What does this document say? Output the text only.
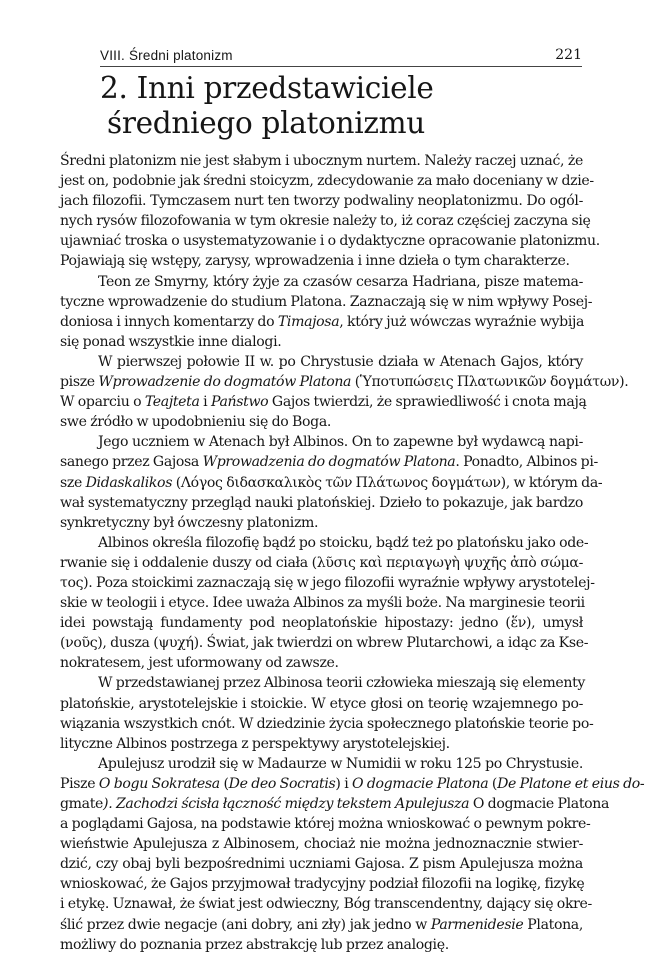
VIII. Średni platonizm	221
2. Inni przedstawiciele
średniego platonizmu
Średni platonizm nie jest słabym i ubocznym nurtem. Należy raczej uznać, że
jest on, podobnie jak średni stoicyzm, zdecydowanie za mało doceniany w dzie-
jach filozofii. Tymczasem nurt ten tworzy podwaliny neoplatonizmu. Do ogól-
nych rysów filozofowania w tym okresie należy to, iż coraz częściej zaczyna się
ujawniać troska o usystematyzowanie i o dydaktyczne opracowanie platonizmu.
Pojawiają się wstępy, zarysy, wprowadzenia i inne dzieła o tym charakterze.
Teon ze Smyrny, który żyje za czasów cesarza Hadriana, pisze matema-
tyczne wprowadzenie do studium Platona. Zaznaczają się w nim wpływy Posej-
doniosa i innych komentarzy do Timajosa, który już wówczas wyraźnie wybija
się ponad wszystkie inne dialogi.
W pierwszej połowie II w. po Chrystusie działa w Atenach Gajos, który
pisze Wprowadzenie do dogmatów Platona (Ὑποτυπώσεις Πλατωνικῶν δογμάτων).
W oparciu o Teajteta i Państwo Gajos twierdzi, że sprawiedliwość i cnota mają
swe źródło w upodobnieniu się do Boga.
Jego uczniem w Atenach był Albinos. On to zapewne był wydawcą napi-
sanego przez Gajosa Wprowadzenia do dogmatów Platona. Ponadto, Albinos pi-
sze Didaskalikos (Λόγος διδασκαλικὸς τῶν Πλάτωνος δογμάτων), w którym da-
wał systematyczny przegląd nauki platońskiej. Dzieło to pokazuje, jak bardzo
synkretyczny był ówczesny platonizm.
Albinos określa filozofię bądź po stoicku, bądź też po platońsku jako ode-
rwanie się i oddalenie duszy od ciała (λῦσις καὶ περιαγωγὴ ψυχῆς ἀπὸ σώμα-
τος). Poza stoickimi zaznaczają się w jego filozofii wyraźnie wpływy arystotelej-
skie w teologii i etyce. Idee uważa Albinos za myśli boże. Na marginesie teorii
idei powstają fundamenty pod neoplatońskie hipostazy: jedno (ἕν), umysł
(νοῦς), dusza (ψυχή). Świat, jak twierdzi on wbrew Plutarchowi, a idąc za Kse-
nokratesem, jest uformowany od zawsze.
W przedstawianej przez Albinosa teorii człowieka mieszają się elementy
platońskie, arystotelejskie i stoickie. W etyce głosi on teorię wzajemnego po-
wiązania wszystkich cnót. W dziedzinie życia społecznego platońskie teorie po-
lityczne Albinos postrzega z perspektywy arystotelejskiej.
Apulejusz urodził się w Madaurze w Numidii w roku 125 po Chrystusie.
Pisze O bogu Sokratesa (De deo Socratis) i O dogmacie Platona (De Platone et eius do-
gmate). Zachodzi ścisła łączność między tekstem Apulejusza O dogmacie Platona
a poglądami Gajosa, na podstawie której można wnioskować o pewnym pokre-
wieństwie Apulejusza z Albinosem, chociaż nie można jednoznacznie stwier-
dzić, czy obaj byli bezpośrednimi uczniami Gajosa. Z pism Apulejusza można
wnioskować, że Gajos przyjmował tradycyjny podział filozofii na logikę, fizykę
i etykę. Uznawał, że świat jest odwieczny, Bóg transcendentny, dający się okre-
ślić przez dwie negacje (ani dobry, ani zły) jak jedno w Parmenidesie Platona,
możliwy do poznania przez abstrakcję lub przez analogię.
